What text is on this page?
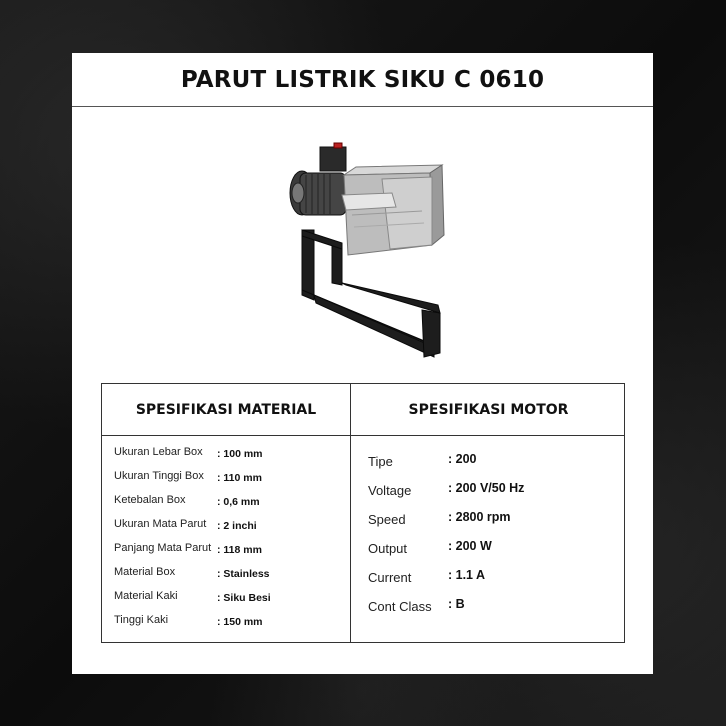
PARUT LISTRIK SIKU C 0610
SPESIFIKASI MATERIAL	SPESIFIKASI MOTOR
Ukuran Lebar Box : 100 mm
Ukuran Tinggi Box : 110 mm
Ketebalan Box	: 0,6 mm
Ukuran Mata Parut : 2 inchi
Panjang Mata Parut : 118 mm
Material Box	: Stainless
Material Kaki	: Siku Besi
Tinggi Kaki	: 150 mm
Tipe	: 200
Voltage	: 200 V/50 Hz
Speed	: 2800 rpm
Output	: 200 W
Current	: 1.1 A
Cont Class : B
